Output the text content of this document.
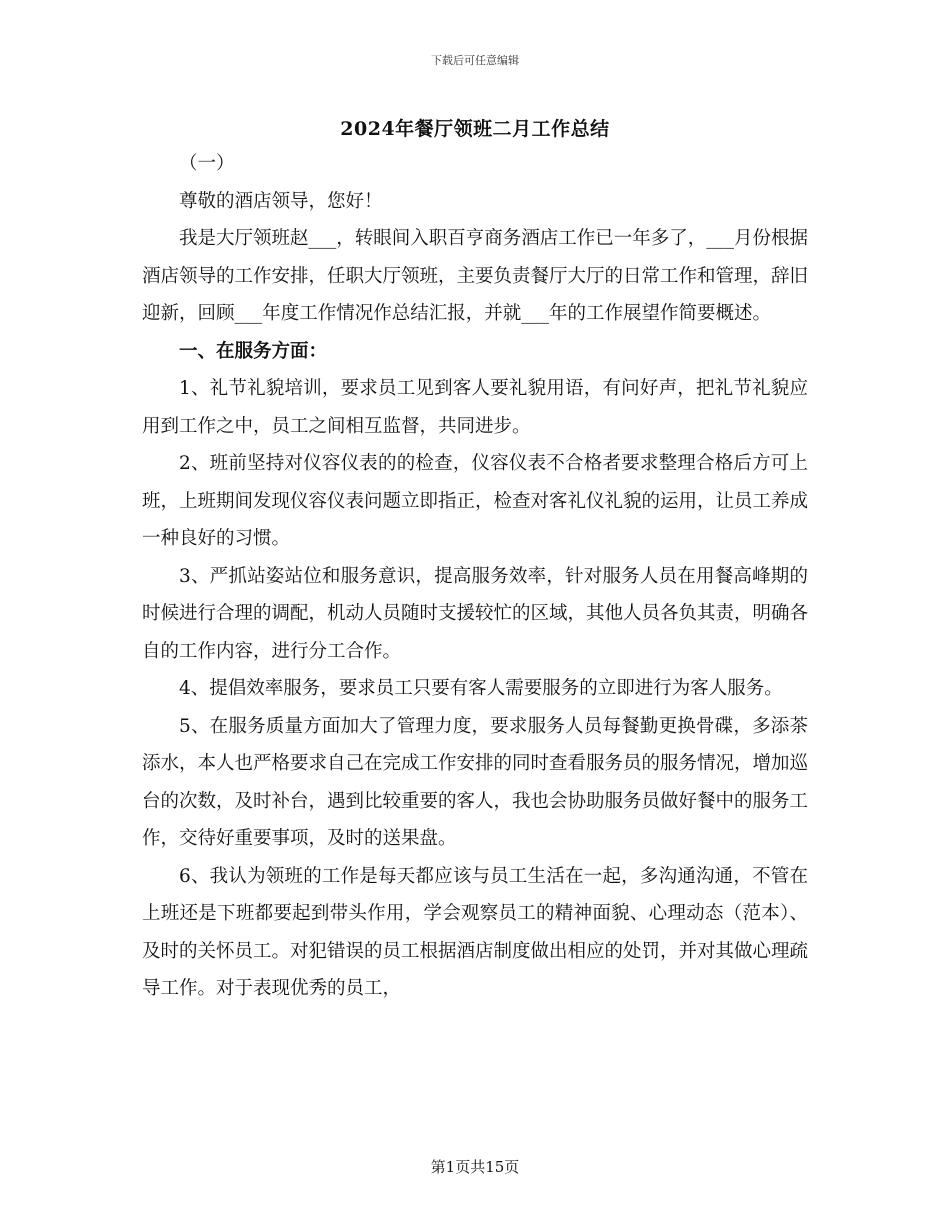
下载后可任意编辑
2024年餐厅领班二月工作总结

（一）

尊敬的酒店领导，您好！

我是大厅领班赵___，转眼间入职百亨商务酒店工作已一年多了，___月份根据酒店领导的工作安排，任职大厅领班，主要负责餐厅大厅的日常工作和管理，辞旧迎新，回顾___年度工作情况作总结汇报，并就___年的工作展望作简要概述。

一、在服务方面：

1、礼节礼貌培训，要求员工见到客人要礼貌用语，有问好声，把礼节礼貌应用到工作之中，员工之间相互监督，共同进步。

2、班前坚持对仪容仪表的的检查，仪容仪表不合格者要求整理合格后方可上班，上班期间发现仪容仪表问题立即指正，检查对客礼仪礼貌的运用，让员工养成一种良好的习惯。

3、严抓站姿站位和服务意识，提高服务效率，针对服务人员在用餐高峰期的时候进行合理的调配，机动人员随时支援较忙的区域，其他人员各负其责，明确各自的工作内容，进行分工合作。

4、提倡效率服务，要求员工只要有客人需要服务的立即进行为客人服务。

5、在服务质量方面加大了管理力度，要求服务人员每餐勤更换骨碟，多添茶添水，本人也严格要求自己在完成工作安排的同时查看服务员的服务情况，增加巡台的次数，及时补台，遇到比较重要的客人，我也会协助服务员做好餐中的服务工作，交待好重要事项，及时的送果盘。

6、我认为领班的工作是每天都应该与员工生活在一起，多沟通沟通，不管在上班还是下班都要起到带头作用，学会观察员工的精神面貌、心理动态（范本）、及时的关怀员工。对犯错误的员工根据酒店制度做出相应的处罚，并对其做心理疏导工作。对于表现优秀的员工，

第1页共15页
